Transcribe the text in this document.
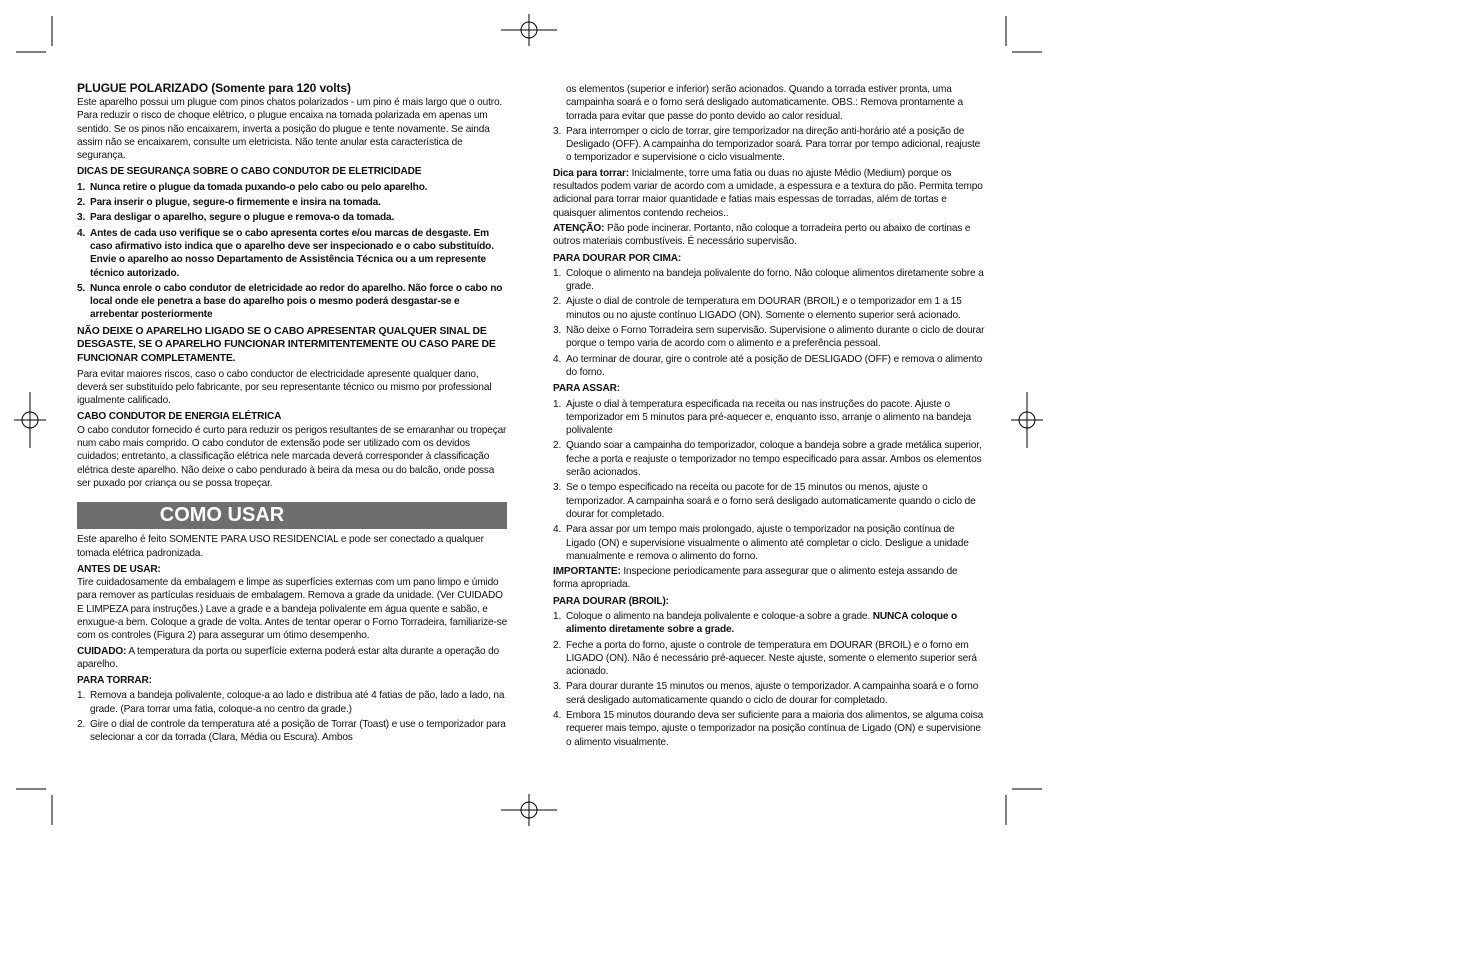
PLUGUE POLARIZADO (Somente para 120 volts)

Este aparelho possui um plugue com pinos chatos polarizados - um pino é mais largo que o outro. Para reduzir o risco de choque elétrico, o plugue encaixa na tomada polarizada em apenas um sentido. Se os pinos não encaixarem, inverta a posição do plugue e tente novamente. Se ainda assim não se encaixarem, consulte um eletricista. Não tente anular esta característica de segurança.

DICAS DE SEGURANÇA SOBRE O CABO CONDUTOR DE ELETRICIDADE

1. Nunca retire o plugue da tomada puxando-o pelo cabo ou pelo aparelho.
2. Para inserir o plugue, segure-o firmemente e insira na tomada.
3. Para desligar o aparelho, segure o plugue e remova-o da tomada.
4. Antes de cada uso verifique se o cabo apresenta cortes e/ou marcas de desgaste. Em caso afirmativo isto indica que o aparelho deve ser inspecionado e o cabo substituído. Envie o aparelho ao nosso Departamento de Assistência Técnica ou a um represente técnico autorizado.
5. Nunca enrole o cabo condutor de eletricidade ao redor do aparelho. Não force o cabo no local onde ele penetra a base do aparelho pois o mesmo poderá desgastar-se e arrebentar posteriormente

NÃO DEIXE O APARELHO LIGADO SE O CABO APRESENTAR QUALQUER SINAL DE DESGASTE, SE O APARELHO FUNCIONAR INTERMITENTEMENTE OU CASO PARE DE FUNCIONAR COMPLETAMENTE.

Para evitar maiores riscos, caso o cabo conductor de electricidade apresente qualquer dano, deverá ser substituído pelo fabricante, por seu representante técnico ou mismo por professional igualmente calificado.

CABO CONDUTOR DE ENERGIA ELÉTRICA

O cabo condutor fornecido é curto para reduzir os perigos resultantes de se emaranhar ou tropeçar num cabo mais comprido. O cabo condutor de extensão pode ser utilizado com os devidos cuidados; entretanto, a classificação elétrica nele marcada deverá corresponder à classificação elétrica deste aparelho. Não deixe o cabo pendurado à beira da mesa ou do balcão, onde possa ser puxado por criança ou se possa tropeçar.

COMO USAR

Este aparelho é feito SOMENTE PARA USO RESIDENCIAL e pode ser conectado a qualquer tomada elétrica padronizada.

ANTES DE USAR:

Tire cuidadosamente da embalagem e limpe as superfícies externas com um pano limpo e úmido para remover as partículas residuais de embalagem. Remova a grade da unidade. (Ver CUIDADO E LIMPEZA para instruções.) Lave a grade e a bandeja polivalente em água quente e sabão, e enxugue-a bem. Coloque a grade de volta. Antes de tentar operar o Forno Torradeira, familiarize-se com os controles (Figura 2) para assegurar um ótimo desempenho.

CUIDADO: A temperatura da porta ou superfície externa poderá estar alta durante a operação do aparelho.

PARA TORRAR:

1. Remova a bandeja polivalente, coloque-a ao lado e distribua até 4 fatias de pão, lado a lado, na grade. (Para torrar uma fatia, coloque-a no centro da grade.)
2. Gire o dial de controle da temperatura até a posição de Torrar (Toast) e use o temporizador para selecionar a cor da torrada (Clara, Média ou Escura). Ambos

os elementos (superior e inferior) serão acionados. Quando a torrada estiver pronta, uma campainha soará e o forno será desligado automaticamente. OBS.: Remova prontamente a torrada para evitar que passe do ponto devido ao calor residual.

3. Para interromper o ciclo de torrar, gire temporizador na direção anti-horário até a posição de Desligado (OFF). A campainha do temporizador soará. Para torrar por tempo adicional, reajuste o temporizador e supervisione o ciclo visualmente.

Dica para torrar: Inicialmente, torre uma fatia ou duas no ajuste Médio (Medium) porque os resultados podem variar de acordo com a umidade, a espessura e a textura do pão. Permita tempo adicional para torrar maior quantidade e fatias mais espessas de torradas, além de tortas e quaisquer alimentos contendo recheios..

ATENÇÃO: Pão pode incinerar. Portanto, não coloque a torradeira perto ou abaixo de cortinas e outros materiais combustíveis. É necessário supervisão.

PARA DOURAR POR CIMA:

1. Coloque o alimento na bandeja polivalente do forno. Não coloque alimentos diretamente sobre a grade.
2. Ajuste o dial de controle de temperatura em DOURAR (BROIL) e o temporizador em 1 a 15 minutos ou no ajuste contínuo LIGADO (ON). Somente o elemento superior será acionado.
3. Não deixe o Forno Torradeira sem supervisão. Supervisione o alimento durante o ciclo de dourar porque o tempo varia de acordo com o alimento e a preferência pessoal.
4. Ao terminar de dourar, gire o controle até a posição de DESLIGADO (OFF) e remova o alimento do forno.

PARA ASSAR:

1. Ajuste o dial à temperatura especificada na receita ou nas instruções do pacote. Ajuste o temporizador em 5 minutos para pré-aquecer e, enquanto isso, arranje o alimento na bandeja polivalente
2. Quando soar a campainha do temporizador, coloque a bandeja sobre a grade metálica superior, feche a porta e reajuste o temporizador no tempo especificado para assar. Ambos os elementos serão acionados.
3. Se o tempo especificado na receita ou pacote for de 15 minutos ou menos, ajuste o temporizador. A campainha soará e o forno será desligado automaticamente quando o ciclo de dourar for completado.
4. Para assar por um tempo mais prolongado, ajuste o temporizador na posição contínua de Ligado (ON) e supervisione visualmente o alimento até completar o ciclo. Desligue a unidade manualmente e remova o alimento do forno.

IMPORTANTE: Inspecione periodicamente para assegurar que o alimento esteja assando de forma apropriada.

PARA DOURAR (BROIL):

1. Coloque o alimento na bandeja polivalente e coloque-a sobre a grade. NUNCA coloque o alimento diretamente sobre a grade.
2. Feche a porta do forno, ajuste o controle de temperatura em DOURAR (BROIL) e o forno em LIGADO (ON). Não é necessário pré-aquecer. Neste ajuste, somente o elemento superior será acionado.
3. Para dourar durante 15 minutos ou menos, ajuste o temporizador. A campainha soará e o forno será desligado automaticamente quando o ciclo de dourar for completado.
4. Embora 15 minutos dourando deva ser suficiente para a maioria dos alimentos, se alguma coisa requerer mais tempo, ajuste o temporizador na posição contínua de Ligado (ON) e supervisione o alimento visualmente.
